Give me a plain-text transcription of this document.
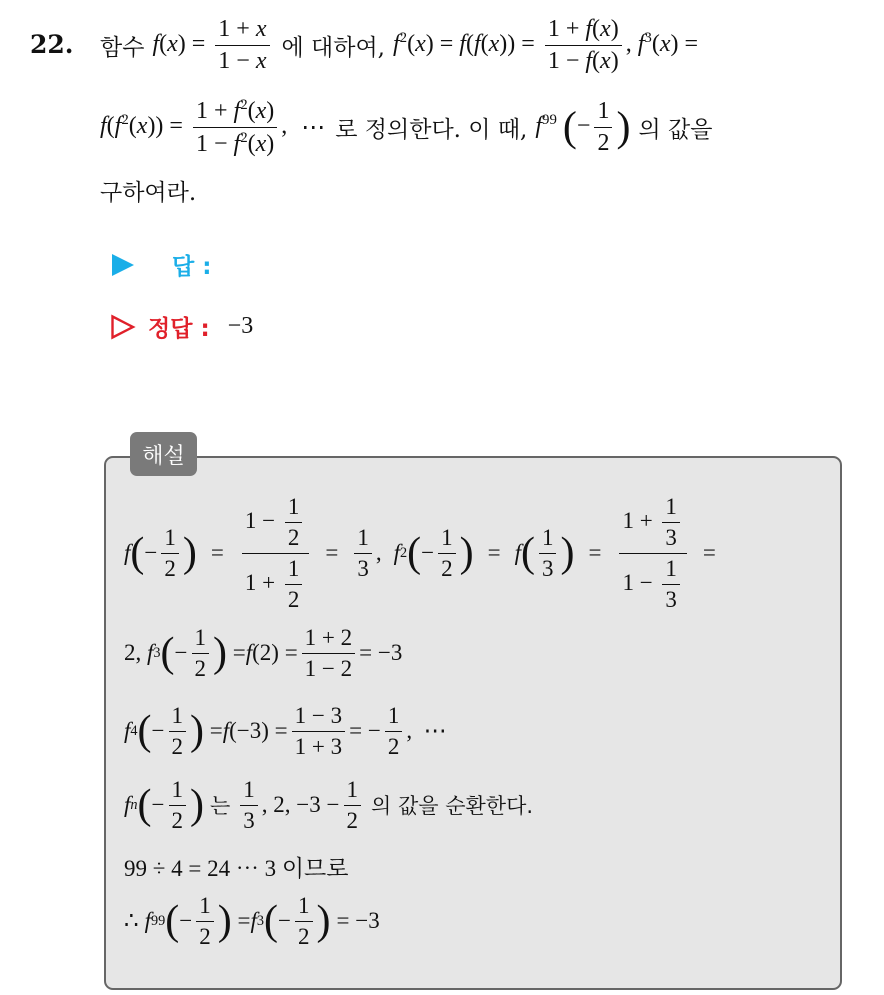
22. 함수 $f(x) = \frac{1 + x}{1 - x}$ 에 대하여, $f^2(x) = f(f(x)) = \frac{1 + f(x)}{1 - f(x)}$ , $f^3(x)$ =
$f(f^2(x)) = \frac{1 + f^2(x)}{1 - f^2(x)}$ , ⋯ 로 정의한다. 이 때, $f^{99}$ (− $\frac{1}{2}$ ) 의 값을
구하여라.
답 :
정답 : −3
해설
f ( − $\frac{1}{2}$ ) = $\frac{1 - \frac{1}{2}}{1 + \frac{1}{2}} = \frac{1}{3}$ , f 2 ( − $\frac{1}{2}$ ) = f ( $\frac{1}{3}$ ) = $\frac{1 + \frac{1}{3}}{1 - \frac{1}{3}}$ =
2, f 3 ( − $\frac{1}{2}$ ) = f $(2) = \frac{1 + 2}{1 - 2} = -3$
f 4 ( − $\frac{1}{2}$ ) = f $(-3) = \frac{1 - 3}{1 + 3}$ = − $\frac{1}{2}$ ,  ⋯
f n ( − $\frac{1}{2}$ ) 는 $\frac{1}{3}$ , 2, $-3 - \frac{1}{2}$ 의 값을 순환한다.
99 ÷ 4 = 24 ⋯ 3 이므로
∴ f 99 ( − $\frac{1}{2}$ ) = f 3 ( − $\frac{1}{2}$ ) = −3
